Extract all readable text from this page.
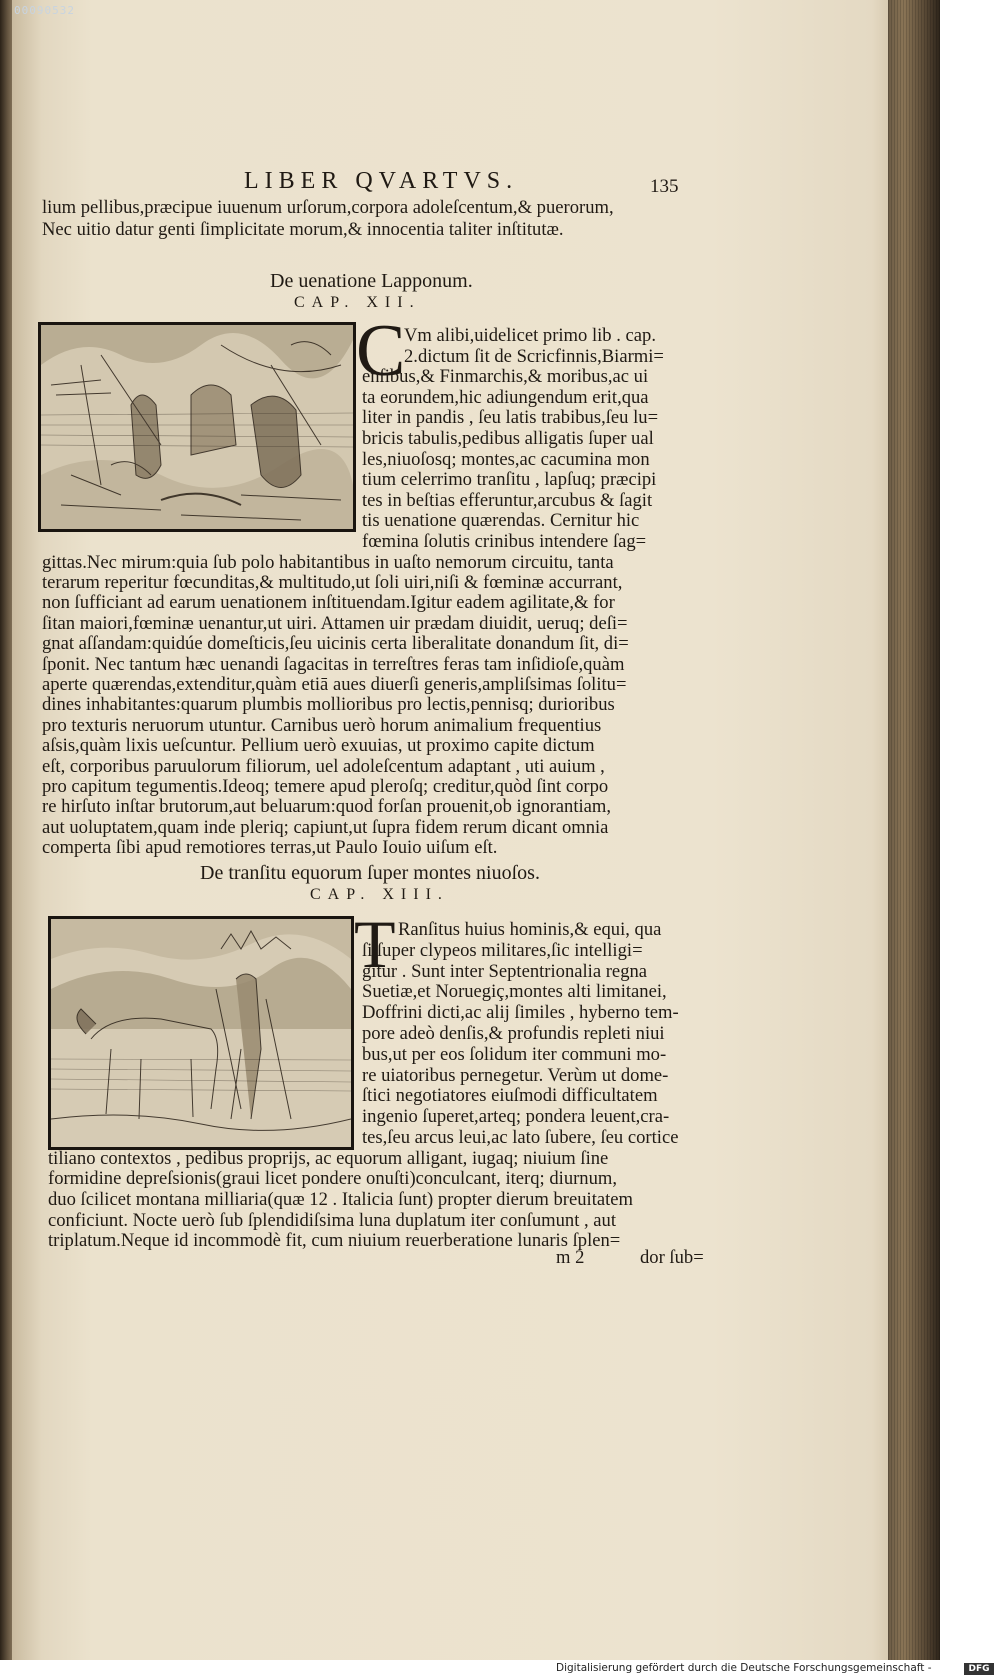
00090532
LIBER QVARTVS.	135
lium pellibus,præcipue iuuenum urſorum,corpora adoleſcentum,& puerorum,
Nec uitio datur genti ſimplicitate morum,& innocentia taliter inſtitutæ.
De uenatione Lapponum.
CAP. XII.
C
Vm alibi,uidelicet primo lib . cap.
2.dictum ſit de Scricfinnis,Biarmi=
enſibus,& Finmarchis,& moribus,ac ui
ta eorundem,hic adiungendum erit,qua
liter in pandis , ſeu latis trabibus,ſeu lu=
bricis tabulis,pedibus alligatis ſuper ual
les,niuoſosq; montes,ac cacumina mon
tium celerrimo tranſitu , lapſuq; præcipi
tes in beſtias efferuntur,arcubus & ſagit
tis uenatione quærendas. Cernitur hic
fœmina ſolutis crinibus intendere ſag=
gittas.Nec mirum:quia ſub polo habitantibus in uaſto nemorum circuitu, tanta
terarum reperitur fœcunditas,& multitudo,ut ſoli uiri,niſi & fœminæ accurrant,
non ſufficiant ad earum uenationem inſtituendam.Igitur eadem agilitate,& for
ſitan maiori,fœminæ uenantur,ut uiri. Attamen uir prædam diuidit, ueruq; deſi=
gnat aſſandam:quidúe domeſticis,ſeu uicinis certa liberalitate donandum ſit, di=
ſponit. Nec tantum hæc uenandi ſagacitas in terreſtres feras tam inſidioſe,quàm
aperte quærendas,extenditur,quàm etiā aues diuerſi generis,ampliſsimas ſolitu=
dines inhabitantes:quarum plumbis mollioribus pro lectis,pennisq; durioribus
pro texturis neruorum utuntur. Carnibus uerò horum animalium frequentius
aſsis,quàm lixis ueſcuntur. Pellium uerò exuuias, ut proximo capite dictum
eſt, corporibus paruulorum filiorum, uel adoleſcentum adaptant , uti auium ,
pro capitum tegumentis.Ideoq; temere apud pleroſq; creditur,quòd ſint corpo
re hirſuto inſtar brutorum,aut beluarum:quod forſan prouenit,ob ignorantiam,
aut uoluptatem,quam inde pleriq; capiunt,ut ſupra fidem rerum dicant omnia
comperta ſibi apud remotiores terras,ut Paulo Iouio uiſum eſt.
De tranſitu equorum ſuper montes niuoſos.
CAP. XIII.
T Ranſitus huius hominis,& equi, qua
ſi ſuper clypeos militares,ſic intelligi=
gitur . Sunt inter Septentrionalia regna
Suetiæ,et Noruegiç,montes alti limitanei,
Doffrini dicti,ac alij ſimiles , hyberno tem-
pore adeò denſis,& profundis repleti niui
bus,ut per eos ſolidum iter communi mo-
re uiatoribus pernegetur. Verùm ut dome-
ſtici negotiatores eiuſmodi difficultatem
ingenio ſuperet,arteq; pondera leuent,cra-
tes,ſeu arcus leui,ac lato ſubere, ſeu cortice
tiliano contextos , pedibus proprijs, ac equorum alligant, iugaq; niuium ſine
formidine depreſsionis(graui licet pondere onuſti)conculcant, iterq; diurnum,
duo ſcilicet montana milliaria(quæ 12 . Italicia ſunt) propter dierum breuitatem
conficiunt. Nocte uerò ſub ſplendidiſsima luna duplatum iter conſumunt , aut
triplatum.Neque id incommodè fit, cum niuium reuerberatione lunaris ſplen=
m 2	dor ſub=
Digitalisierung gefördert durch die Deutsche Forschungsgemeinschaft -	DFG
